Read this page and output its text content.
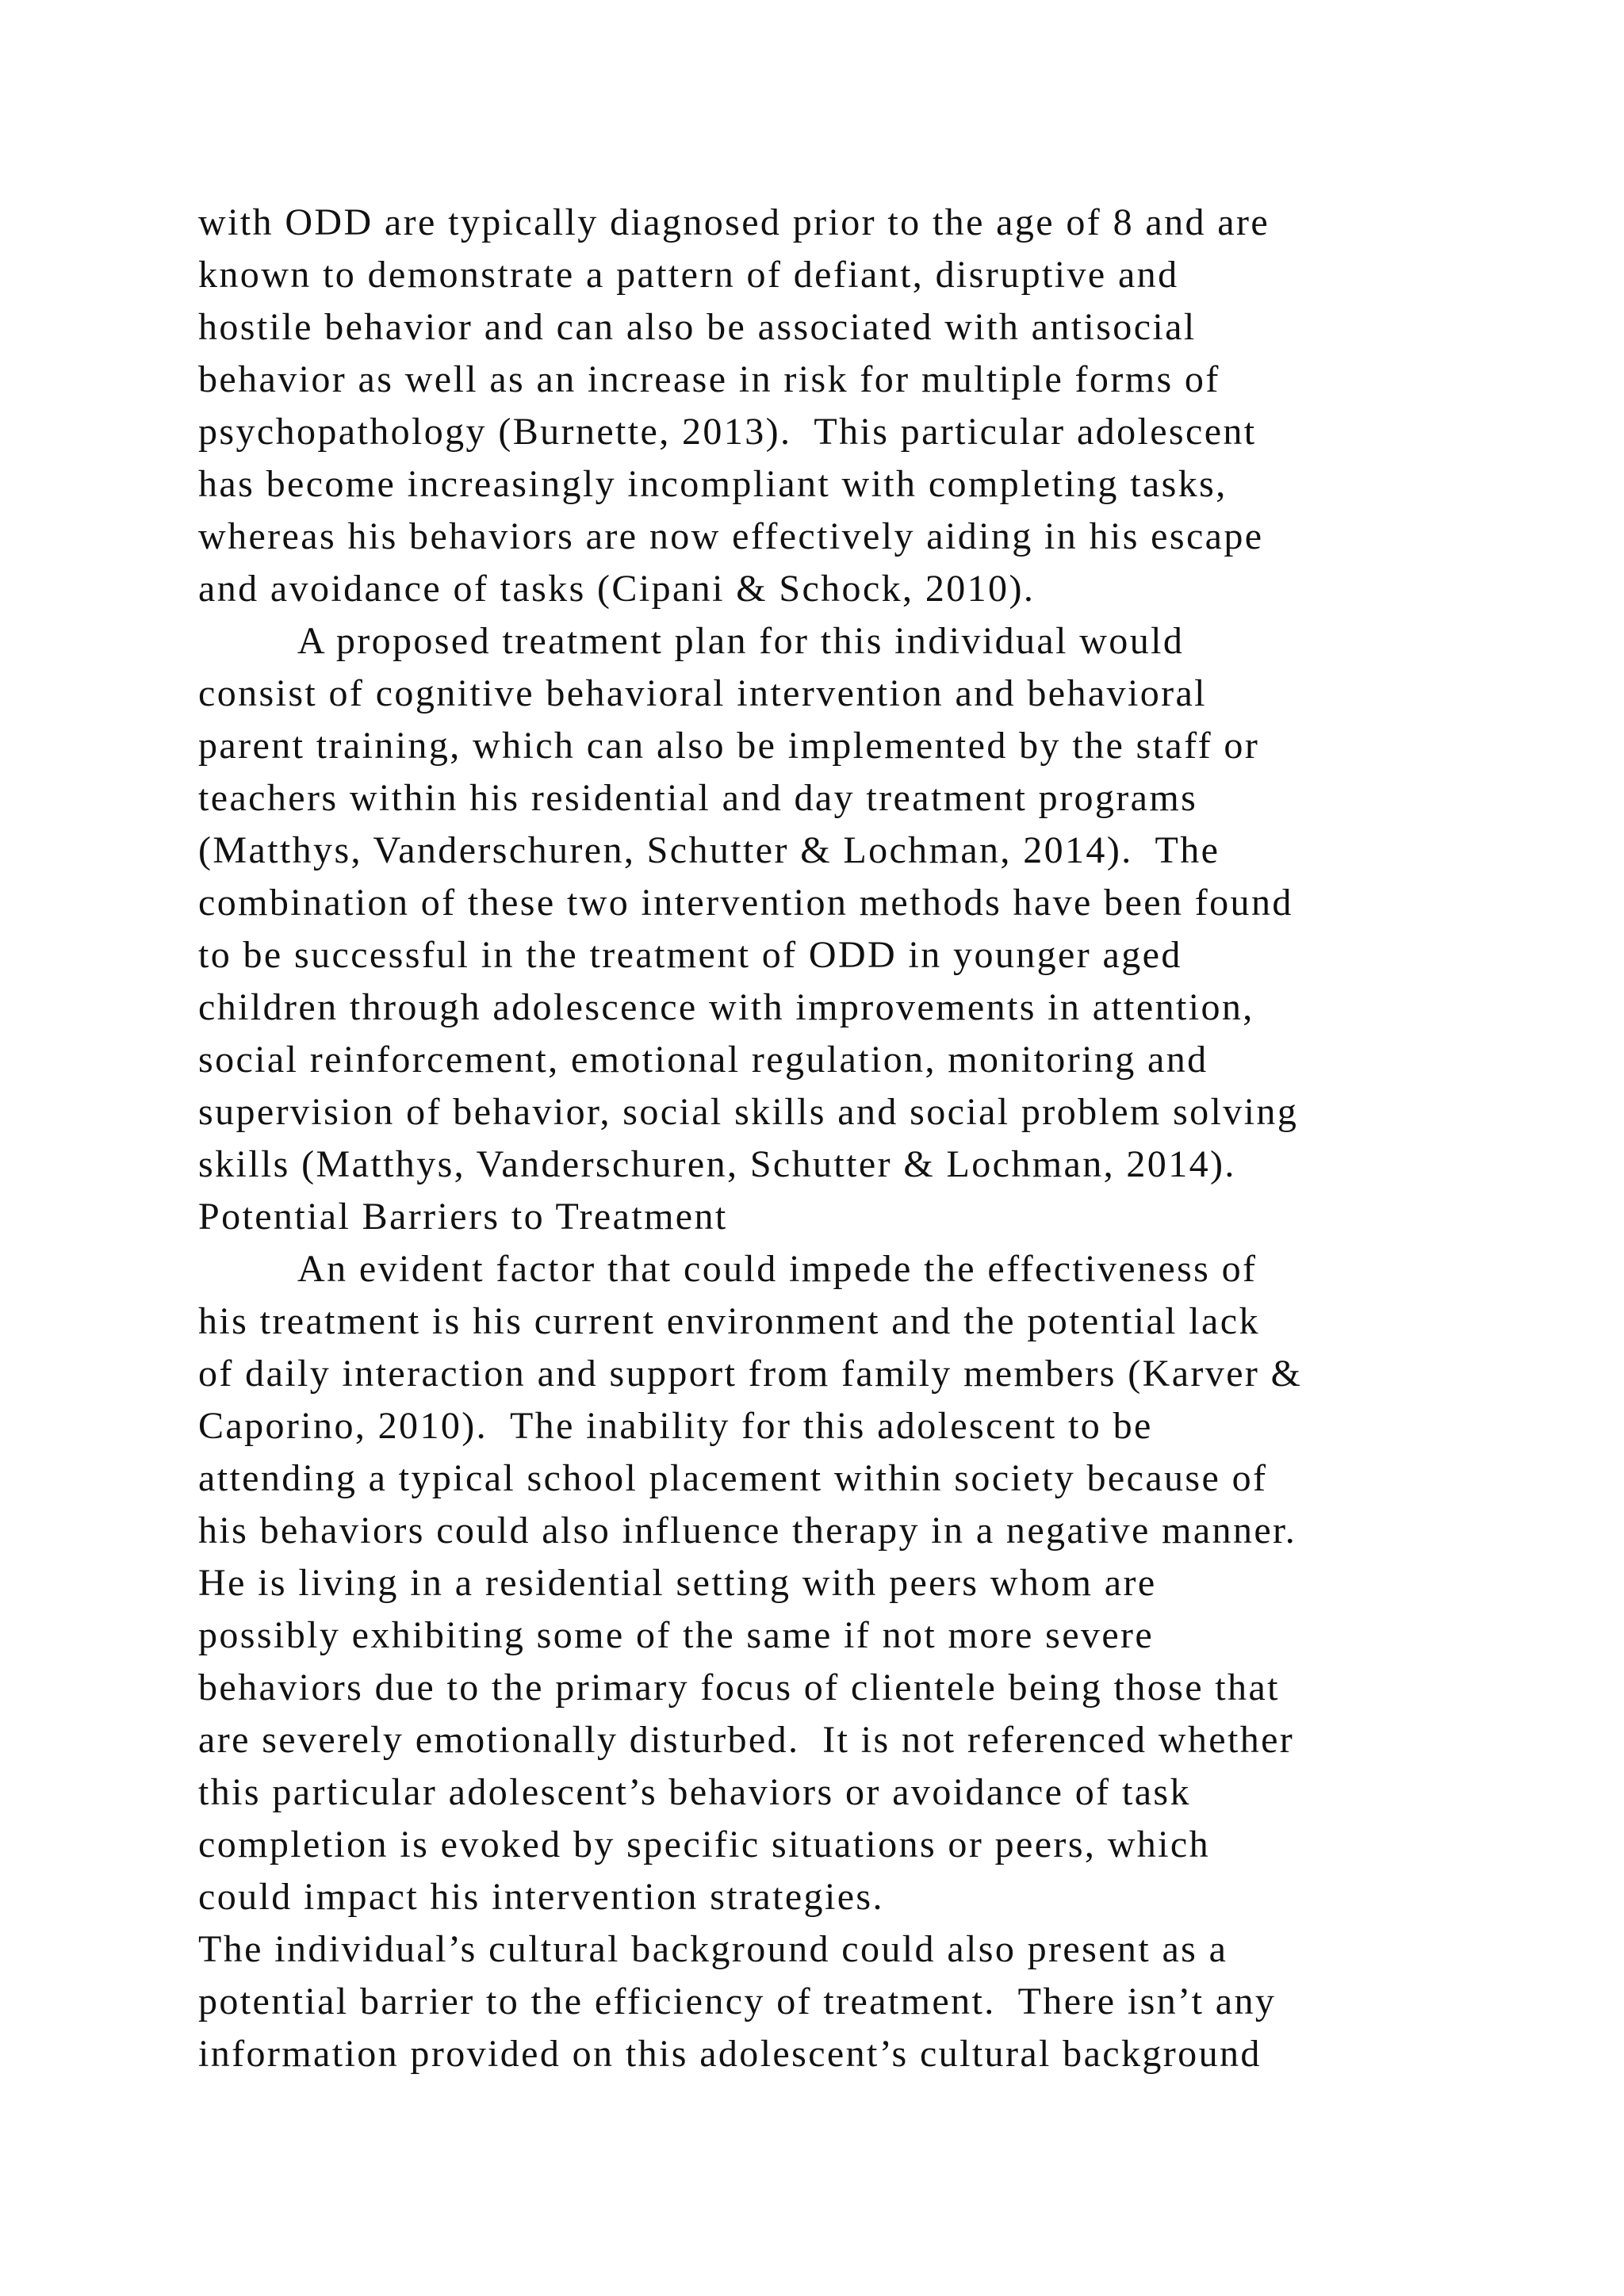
with ODD are typically diagnosed prior to the age of 8 and are
known to demonstrate a pattern of defiant, disruptive and
hostile behavior and can also be associated with antisocial
behavior as well as an increase in risk for multiple forms of
psychopathology (Burnette, 2013).  This particular adolescent
has become increasingly incompliant with completing tasks,
whereas his behaviors are now effectively aiding in his escape
and avoidance of tasks (Cipani & Schock, 2010).
A proposed treatment plan for this individual would
consist of cognitive behavioral intervention and behavioral
parent training, which can also be implemented by the staff or
teachers within his residential and day treatment programs
(Matthys, Vanderschuren, Schutter & Lochman, 2014).  The
combination of these two intervention methods have been found
to be successful in the treatment of ODD in younger aged
children through adolescence with improvements in attention,
social reinforcement, emotional regulation, monitoring and
supervision of behavior, social skills and social problem solving
skills (Matthys, Vanderschuren, Schutter & Lochman, 2014).
Potential Barriers to Treatment
An evident factor that could impede the effectiveness of
his treatment is his current environment and the potential lack
of daily interaction and support from family members (Karver &
Caporino, 2010).  The inability for this adolescent to be
attending a typical school placement within society because of
his behaviors could also influence therapy in a negative manner.
He is living in a residential setting with peers whom are
possibly exhibiting some of the same if not more severe
behaviors due to the primary focus of clientele being those that
are severely emotionally disturbed.  It is not referenced whether
this particular adolescent’s behaviors or avoidance of task
completion is evoked by specific situations or peers, which
could impact his intervention strategies.
The individual’s cultural background could also present as a
potential barrier to the efficiency of treatment.  There isn’t any
information provided on this adolescent’s cultural background
